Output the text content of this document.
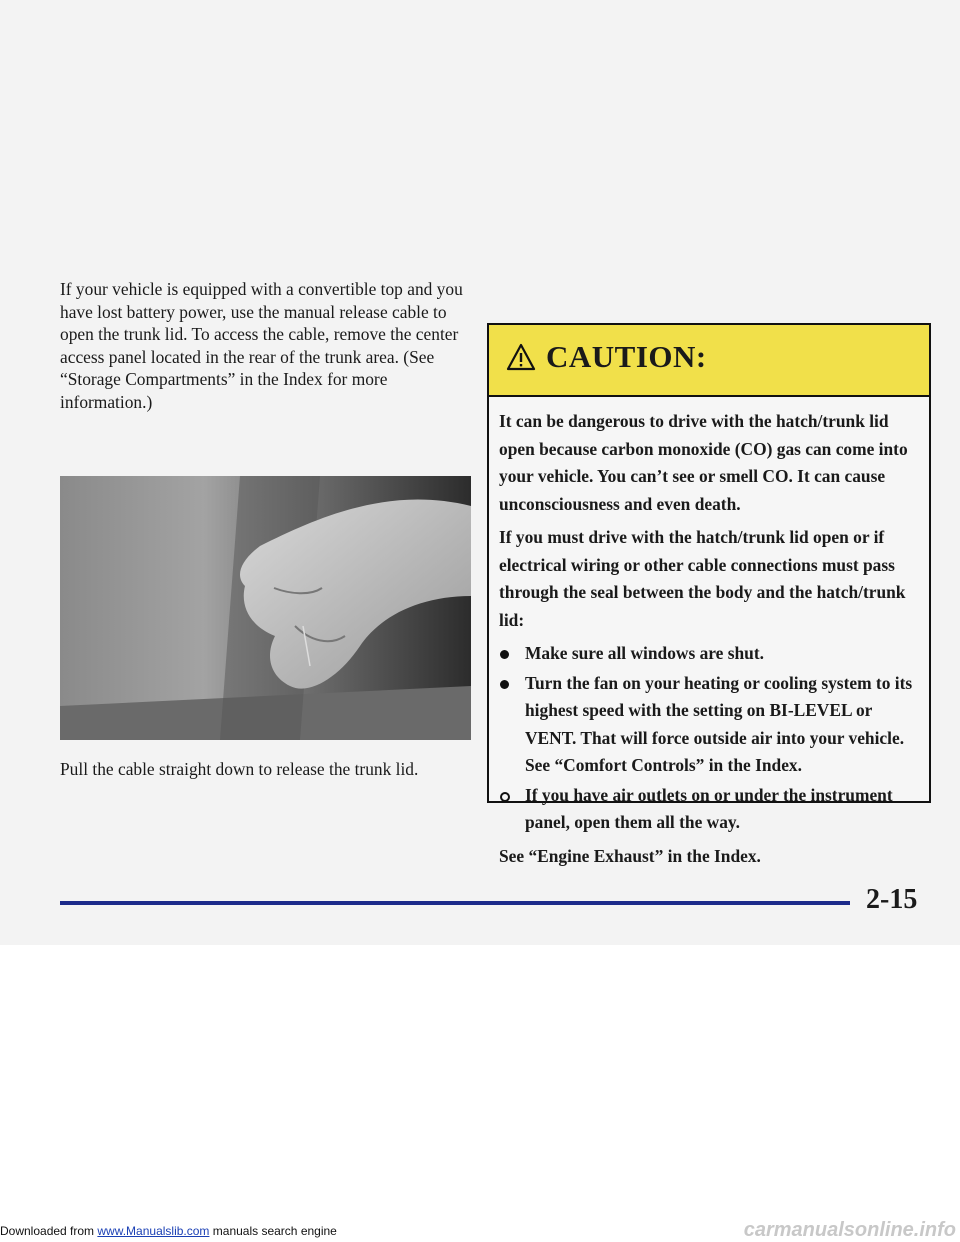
If your vehicle is equipped with a convertible top and you have lost battery power, use the manual release cable to open the trunk lid. To access the cable, remove the center access panel located in the rear of the trunk area. (See “Storage Compartments” in the Index for more information.)

Pull the cable straight down to release the trunk lid.

CAUTION:

It can be dangerous to drive with the hatch/trunk lid open because carbon monoxide (CO) gas can come into your vehicle. You can’t see or smell CO. It can cause unconsciousness and even death.

If you must drive with the hatch/trunk lid open or if electrical wiring or other cable connections must pass through the seal between the body and the hatch/trunk lid:

Make sure all windows are shut.
Turn the fan on your heating or cooling system to its highest speed with the setting on BI-LEVEL or VENT. That will force outside air into your vehicle. See “Comfort Controls” in the Index.
If you have air outlets on or under the instrument panel, open them all the way.

See “Engine Exhaust” in the Index.

2-15
Downloaded from www.Manualslib.com manuals search engine	carmanualsonline.info
